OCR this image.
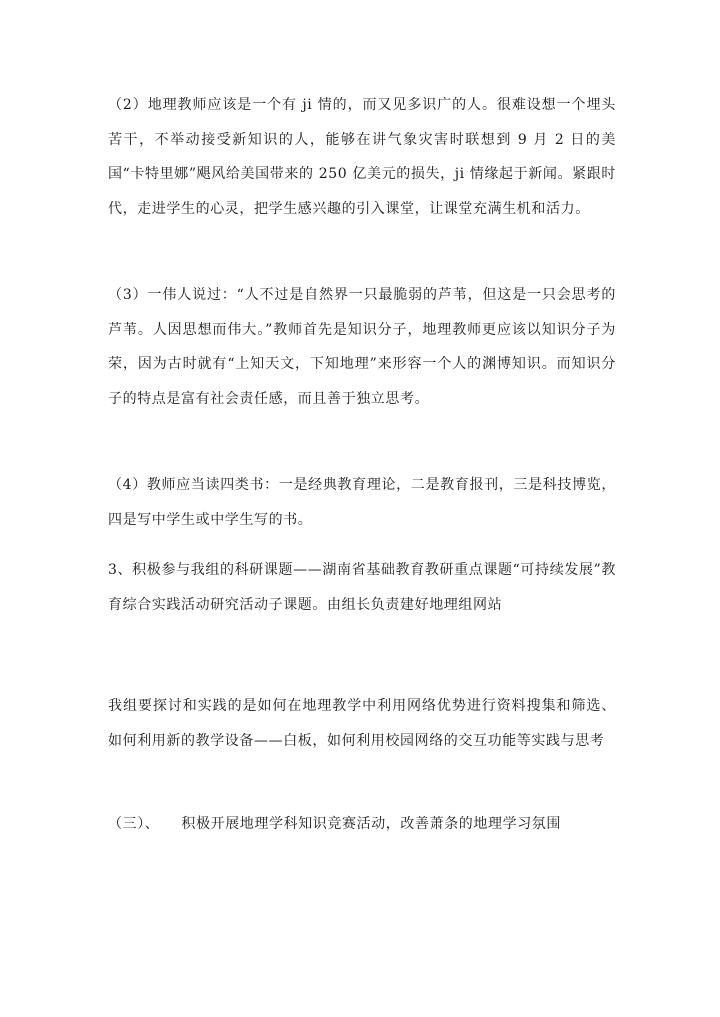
（2）地理教师应该是一个有 ji 情的，而又见多识广的人。很难设想一个埋头苦干，不举动接受新知识的人，能够在讲气象灾害时联想到 9 月 2 日的美国“卡特里娜”飓风给美国带来的 250 亿美元的损失，ji 情缘起于新闻。紧跟时代，走进学生的心灵，把学生感兴趣的引入课堂，让课堂充满生机和活力。

（3）一伟人说过：“人不过是自然界一只最脆弱的芦苇，但这是一只会思考的芦苇。人因思想而伟大。”教师首先是知识分子，地理教师更应该以知识分子为荣，因为古时就有“上知天文，下知地理”来形容一个人的渊博知识。而知识分子的特点是富有社会责任感，而且善于独立思考。

（4）教师应当读四类书：一是经典教育理论，二是教育报刊，三是科技博览，四是写中学生或中学生写的书。

3、积极参与我组的科研课题——湖南省基础教育教研重点课题“可持续发展”教育综合实践活动研究活动子课题。由组长负责建好地理组网站

我组要探讨和实践的是如何在地理教学中利用网络优势进行资料搜集和筛选、如何利用新的教学设备——白板，如何利用校园网络的交互功能等实践与思考

（三）、 积极开展地理学科知识竞赛活动，改善萧条的地理学习氛围
